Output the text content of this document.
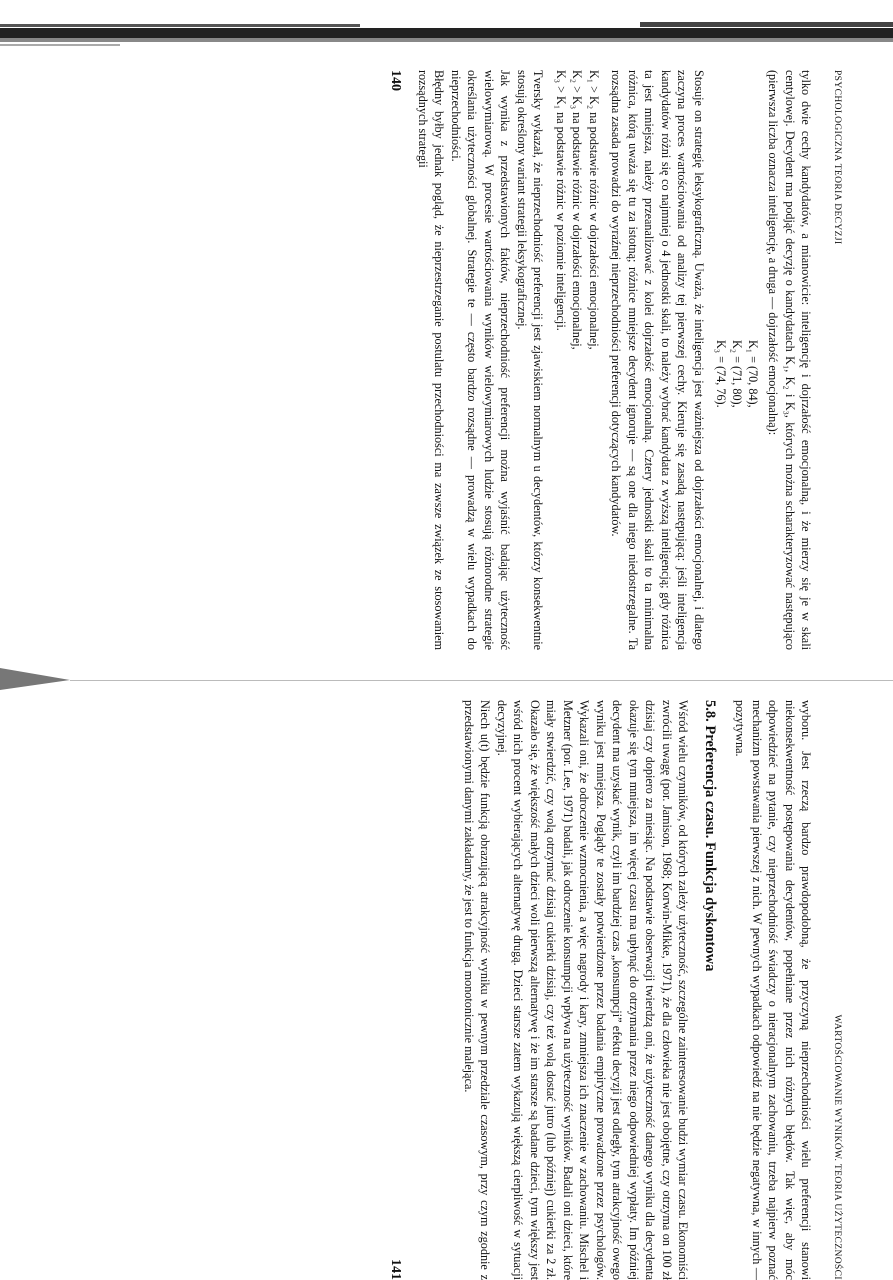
PSYCHOLOGICZNA TEORIA DECYZJI

tylko dwie cechy kandydatów, a mianowicie: inteligencję i dojrzałość emocjonalną, i że mierzy się je w skali centylowej. Decydent ma podjąć decyzję o kandydatach K₁, K₂ i K₃, których można scharakteryzować następująco (pierwsza liczba oznacza inteligencję, a druga — dojrzałość emocjonalną):

K₁ = (70, 84),
K₂ = (71, 80),
K₃ = (74, 76).

Stosuje on strategię leksykograficzną. Uważa, że inteligencja jest ważniejsza od dojrzałości emocjonalnej, i dlatego zaczyna proces wartościowania od analizy tej pierwszej cechy. Kieruje się zasadą następującą: jeśli inteligencja kandydatów różni się co najmniej o 4 jednostki skali, to należy wybrać kandydata z wyższą inteligencją; gdy różnica ta jest mniejsza, należy przeanalizować z kolei dojrzałość emocjonalną. Cztery jednostki skali to ta minimalna różnica, którą uważa się tu za istotną; różnice mniejsze decydent ignoruje — są one dla niego niedostrzegalne. Ta rozsądna zasada prowadzi do wyraźnej nieprzechodniości preferencji dotyczących kandydatów.

K₁ > K₂ na podstawie różnic w dojrzałości emocjonalnej,
K₂ > K₃ na podstawie różnic w dojrzałości emocjonalnej,
K₃ > K₁ na podstawie różnic w poziomie inteligencji.

Tversky wykazał, że nieprzechodniość preferencji jest zjawiskiem normalnym u decydentów, którzy konsekwentnie stosują określony wariant strategii leksykograficznej.

Jak wynika z przedstawionych faktów, nieprzechodniość preferencji można wyjaśnić badając użyteczność wielowymiarową. W procesie wartościowania wyników wielowymiarowych ludzie stosują różnorodne strategie określania użyteczności globalnej. Strategie te — często bardzo rozsądne — prowadzą w wielu wypadkach do nieprzechodniości.

Błędny byłby jednak pogląd, że nieprzestrzeganie postulatu przechodniości ma zawsze związek ze stosowaniem rozsądnych strategii

140
WARTOŚCIOWANIE WYNIKÓW. TEORIA UŻYTECZNOŚCI

wyboru. Jest rzeczą bardzo prawdopodobną, że przyczyną nieprzechodniości wielu preferencji stanowi niekonsekwentność postępowania decydentów, popełniane przez nich różnych błędów. Tak więc, aby móc odpowiedzieć na pytanie, czy nieprzechodniość świadczy o nieracjonalnym zachowaniu, trzeba najpierw poznać mechanizm powstawania pierwszej z nich. W pewnych wypadkach odpowiedź na nie będzie negatywna, w innych — pozytywna.

5.8. Preferencja czasu. Funkcja dyskontowa

Wśród wielu czynników, od których zależy użyteczność, szczególne zainteresowanie budzi wymiar czasu. Ekonomiści zwrócili uwagę (por. Jamison, 1968; Korwin-Mikke, 1971), że dla człowieka nie jest obojętne, czy otrzyma on 100 zł dzisiaj czy dopiero za miesiąc. Na podstawie obserwacji twierdzą oni, że użyteczność danego wyniku dla decydenta okazuje się tym mniejsza, im więcej czasu ma upłynąć do otrzymania przez niego odpowiedniej wypłaty. Im później decydent ma uzyskać wynik, czyli im bardziej czas „konsumpcji” efektu decyzji jest odległy, tym atrakcyjność owego wyniku jest mniejsza. Poglądy te zostały potwierdzone przez badania empiryczne prowadzone przez psychologów. Wykazali oni, że odroczenie wzmocnienia, a więc nagrody i kary, zmniejsza ich znaczenie w zachowaniu. Mischel i Metzner (por. Lee, 1971) badali, jak odroczenie konsumpcji wpływa na użyteczność wyników. Badali oni dzieci, które miały stwierdzić, czy wolą otrzymać dzisiaj cukierki dzisiaj, czy też wolą dostać jutro (lub później) cukierki za 2 zł. Okazało się, że większość małych dzieci woli pierwszą alternatywę i że im starsze są badane dzieci, tym większy jest wśród nich procent wybierających alternatywę drugą. Dzieci starsze zatem wykazują większą cierpliwość w sytuacji decyzyjnej.

Niech u(t) będzie funkcją obrazującą atrakcyjność wyniku w pewnym przedziale czasowym, przy czym zgodnie z przedstawionymi danymi zakładamy, że jest to funkcja monotonicznie malejąca.

141
